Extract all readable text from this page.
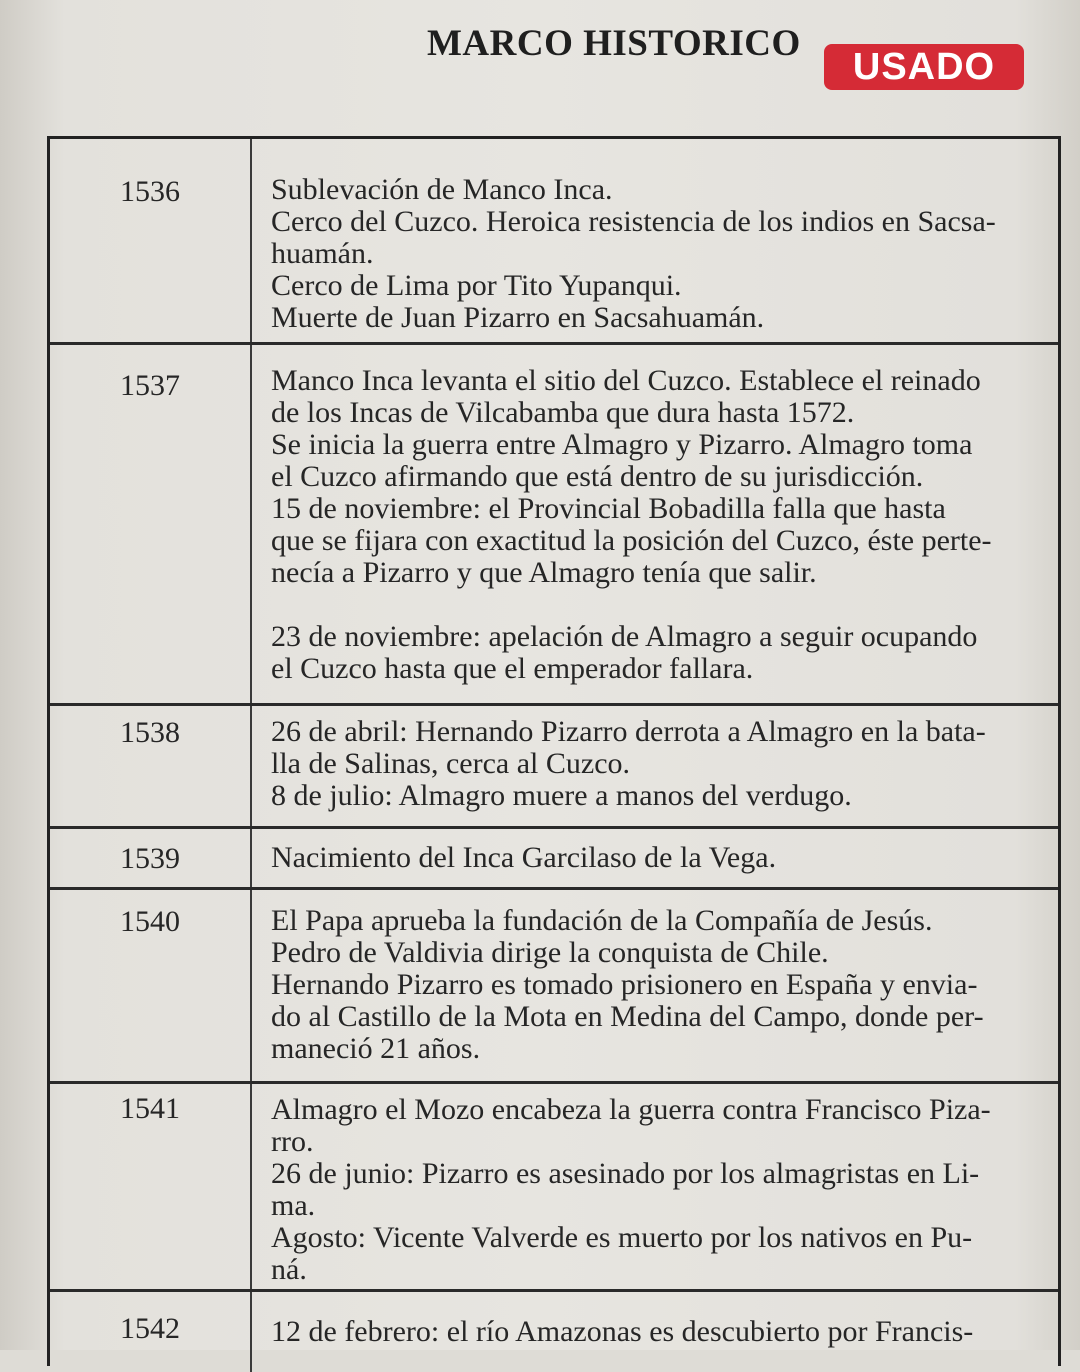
MARCO HISTORICO
USADO
1536	Sublevación de Manco Inca.
Cerco del Cuzco. Heroica resistencia de los indios en Sacsa-
huamán.
Cerco de Lima por Tito Yupanqui.
Muerte de Juan Pizarro en Sacsahuamán.
1537	Manco Inca levanta el sitio del Cuzco. Establece el reinado
de los Incas de Vilcabamba que dura hasta 1572.
Se inicia la guerra entre Almagro y Pizarro. Almagro toma
el Cuzco afirmando que está dentro de su jurisdicción.
15 de noviembre: el Provincial Bobadilla falla que hasta
que se fijara con exactitud la posición del Cuzco, éste perte-
necía a Pizarro y que Almagro tenía que salir.
23 de noviembre: apelación de Almagro a seguir ocupando
el Cuzco hasta que el emperador fallara.
1538	26 de abril: Hernando Pizarro derrota a Almagro en la bata-
lla de Salinas, cerca al Cuzco.
8 de julio: Almagro muere a manos del verdugo.
1539	Nacimiento del Inca Garcilaso de la Vega.
1540	El Papa aprueba la fundación de la Compañía de Jesús.
Pedro de Valdivia dirige la conquista de Chile.
Hernando Pizarro es tomado prisionero en España y envia-
do al Castillo de la Mota en Medina del Campo, donde per-
maneció 21 años.
1541	Almagro el Mozo encabeza la guerra contra Francisco Piza-
rro.
26 de junio: Pizarro es asesinado por los almagristas en Li-
ma.
Agosto: Vicente Valverde es muerto por los nativos en Pu-
ná.
1542	12 de febrero: el río Amazonas es descubierto por Francis-
